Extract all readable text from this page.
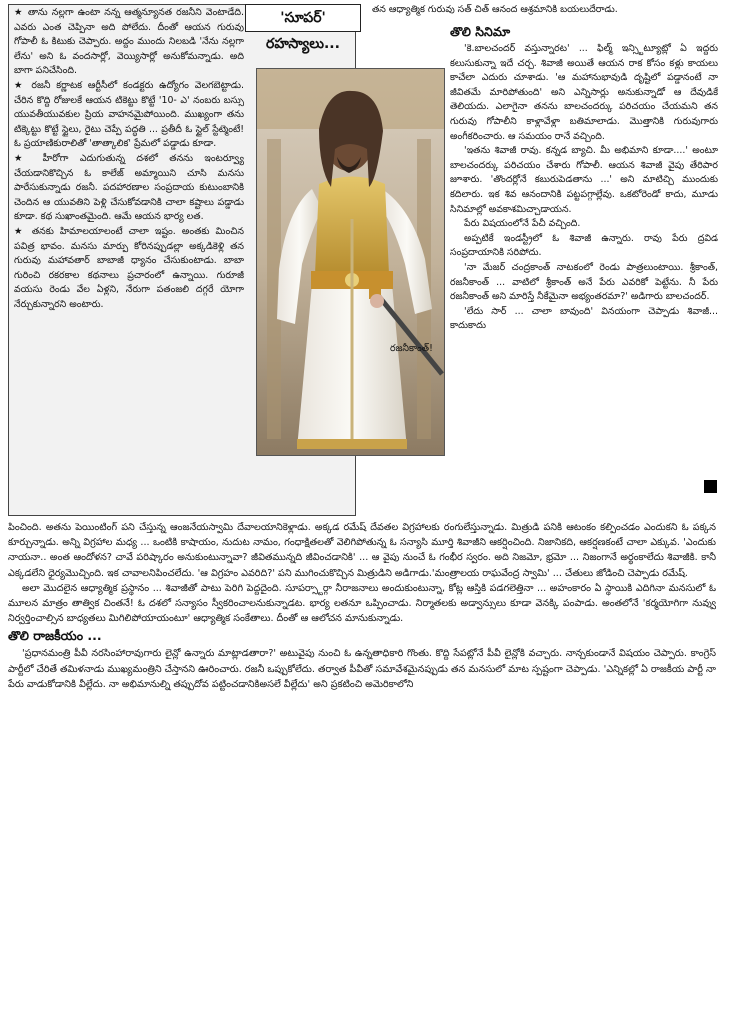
'సూపర్' రహస్యాలు...

★ తాను నల్లగా ఉంటా నన్న ఆత్మన్యూనత రజనీని వెంటాడేది. ఎవరు ఎంత చెప్పినా అది పోలేదు. దీంతో ఆయన గురువు గోపాలీ ఓ కిటుకు చెప్పారు. అద్దం ముందు నిలబడి 'నేను నల్లగా లేను' అని ఓ వందసార్లో, వెయ్యిసార్లో అనుకోమన్నాడు. అది బాగా పనిచేసింది.

★ రజనీ కర్ణాటక ఆర్టీసీలో కండక్టరు ఉద్యోగం వెలగబెట్టాడు. చేరిన కొద్ది రోజులకే ఆయన టికెట్టు కొట్టే '10- ఎ' నంబరు బస్సు యువతీయువకుల ప్రియ వాహనమైపోయింది. ముఖ్యంగా తను టిక్కెట్టు కొట్టే స్టైలు, రైటు చెప్పే పద్ధతి ... ప్రతీదీ ఓ స్టైల్ స్టేట్మెంటే! ఓ ప్రయాణికురాలితో 'తాత్కాలిక' ప్రేమలో పడ్డాడు కూడా.

★ హీరోగా ఎదుగుతున్న దశలో తనను ఇంటర్వ్యూ చేయడానికొచ్చిన ఓ కాలేజ్ అమ్మాయిని చూసి మనసు పారేసుకున్నాడు రజనీ. పదహారణాల సంప్రదాయ కుటుంబానికి చెందిన ఆ యువతిని పెళ్లి చేసుకోవడానికి చాలా కష్టాలు పడ్డాడు కూడా. కథ సుఖాంతమైంది. ఆమే ఆయన భార్య లత.

★ తనకు హిమాలయాలంటే చాలా ఇష్టం. అంతకు మించిన పవిత్ర భావం. మనసు మార్పు కోరినప్పుడల్లా అక్కడికెళ్లి తన గురువు మహావతార్ బాబాజీ ధ్యానం చేసుకుంటాడు. బాబా గురించి రకరకాల కథనాలు ప్రచారంలో ఉన్నాయి. గురూజీ వయసు రెండు వేల ఏళ్లని, నేరుగా పతంజలి దగ్గరే యోగా నేర్చుకున్నారని అంటారు.

తన ఆధ్యాత్మిక గురువు సత్ చిత్ ఆనంద ఆశ్రమానికి బయలుదేరాడు.

తొలి సినిమా

'కె.బాలచందర్ వస్తున్నారట' ... ఫిల్మ్ ఇన్స్టిట్యూట్లో ఏ ఇద్దరు కలుసుకున్నా ఇదే చర్చ. శివాజీ అయితే ఆయన రాక కోసం కళ్లు కాయలు కాచేలా ఎదురు చూశాడు. 'ఆ మహానుభావుడి దృష్టిలో పడ్డానంటే నా జీవితమే మారిపోతుంది' అని ఎన్నిసార్లు అనుకున్నాడో ఆ దేవుడికే తెలియదు. ఎలాగైనా తనను బాలచందర్కు పరిచయం చేయమని తన గురువు గోపాలీని కాళ్లావేళ్లా బతిమాలాడు. మొత్తానికి గురువుగారు అంగీకరించారు. ఆ సమయం రానే వచ్చింది.

'ఇతను శివాజీ రావు. కన్నడ బ్యాచి. మీ అభిమాని కూడా....' అంటూ బాలచందర్కు పరిచయం చేశారు గోపాలీ. ఆయన శివాజీ వైపు తేరిపార జూశారు. 'తొందర్లోనే కబురుపెడతాను ...' అని మాటిచ్చి ముందుకు కదిలారు. ఇక శివ ఆనందానికి పట్టపగ్గాల్లేవు. ఒకటోరెండో కాదు, మూడు సినిమాల్లో అవకాశమిచ్చాడాయన.

పేరు విషయంలోనే పేచీ వచ్చింది.

అప్పటికే ఇండస్ట్రీలో ఓ శివాజీ ఉన్నారు. రావు పేరు ద్రవిడ సంప్రదాయానికి సరిపోదు.

'నా మేజర్ చంద్రకాంత్ నాటకంలో రెండు పాత్రలుంటాయి. శ్రీకాంత్, రజనీకాంత్ ... వాటిలో శ్రీకాంత్ అనే పేరు ఎవరికో పెట్టేను. నీ పేరు రజనీకాంత్ అని మారిస్తే నీకేమైనా అభ్యంతరమా?' అడిగారు బాలచందర్.

'లేదు సార్ ... చాలా బావుంది' వినయంగా చెప్పాడు శివాజీ... కాదుకాదు

రజనీకాంత్!

పించింది. అతను పెయింటింగ్ పని చేస్తున్న ఆంజనేయస్వామి దేవాలయానికెళ్లాడు. అక్కడ రమేష్ దేవతల విగ్రహాలకు రంగులేస్తున్నాడు. మిత్రుడి పనికి ఆటంకం కల్పించడం ఎందుకని ఓ పక్కన కూర్చున్నాడు. అన్ని విగ్రహాల మధ్య ... ఒంటికి కాషాయం, నుదుట నామం, గంధాక్షితలతో వెలిగిపోతున్న ఓ సన్యాసి మూర్తి శివాజీని ఆకర్షించింది. నిజానికది, ఆకర్షణకంటే చాలా ఎక్కువ. 'ఎందుకు నాయనా.. అంత ఆందోళన? చావే పరిష్కారం అనుకుంటున్నావా? జీవితమున్నది జీవించడానికి' ... ఆ వైపు నుంచే ఓ గంభీర స్వరం. అది నిజమో, భ్రమో ... నిజంగానే అర్థంకాలేదు శివాజీకి. కానీ ఎక్కడలేని ధైర్యమొచ్చింది. ఇక చావాలనిపించలేదు. 'ఆ విగ్రహం ఎవరిది?' పని ముగించుకొచ్చిన మిత్రుడిని అడిగాడు.'మంత్రాలయ రాఘవేంద్ర స్వామి' ... చేతులు జోడించి చెప్పాడు రమేష్.

అలా మొదలైన ఆధ్యాత్మిక ప్రస్థానం ... శివాజీతో పాటు పెరిగి పెద్దదైంది. సూపర్స్టార్గా నీరాజనాలు అందుకుంటున్నా, కోట్ల ఆస్తికి పడగలెత్తినా ... అహంకారం ఏ స్థాయికి ఎదిగినా మనసులో ఓ మూలన మాత్రం తాత్విక చింతనే! ఓ దశలో సన్యాసం స్వీకరించాలనుకున్నాడట. భార్య లతనూ ఒప్పించాడు. నిర్మాతలకు అడ్వాన్సులు కూడా వెనక్కి పంపాడు. అంతలోనే 'కర్మయోగిగా నువ్వు నిర్వర్తించాల్సిన బాధ్యతలు మిగిలిపోయాయంటూ' ఆధ్యాత్మిక సంకేతాలు. దీంతో ఆ ఆలోచన మానుకున్నాడు.

తొలి రాజకీయం ...

'ప్రధానమంత్రి పీవీ నరసింహారావుగారు లైన్లో ఉన్నారు మాట్లాడతారా?' అటువైపు నుంచి ఓ ఉన్నతాధికారి గొంతు. కొద్ది సేపట్లోనే పీవీ లైన్లోకి వచ్చారు. నాన్చకుండానే విషయం చెప్పారు. కాంగ్రెస్ పార్టీలో చేరితే తమిళనాడు ముఖ్యమంత్రిని చేస్తానని ఊరించారు. రజనీ ఒప్పుకోలేదు. తర్వాత పీవీతో సమావేశమైనప్పుడు తన మనసులో మాట స్పష్టంగా చెప్పాడు. 'ఎన్నికల్లో ఏ రాజకీయ పార్టీ నా పేరు వాడుకోడానికి వీల్లేదు. నా అభిమానుల్ని తప్పుదోవ పట్టించడానికిఅసలే వీల్లేదు' అని ప్రకటించి అమెరికాలోని
